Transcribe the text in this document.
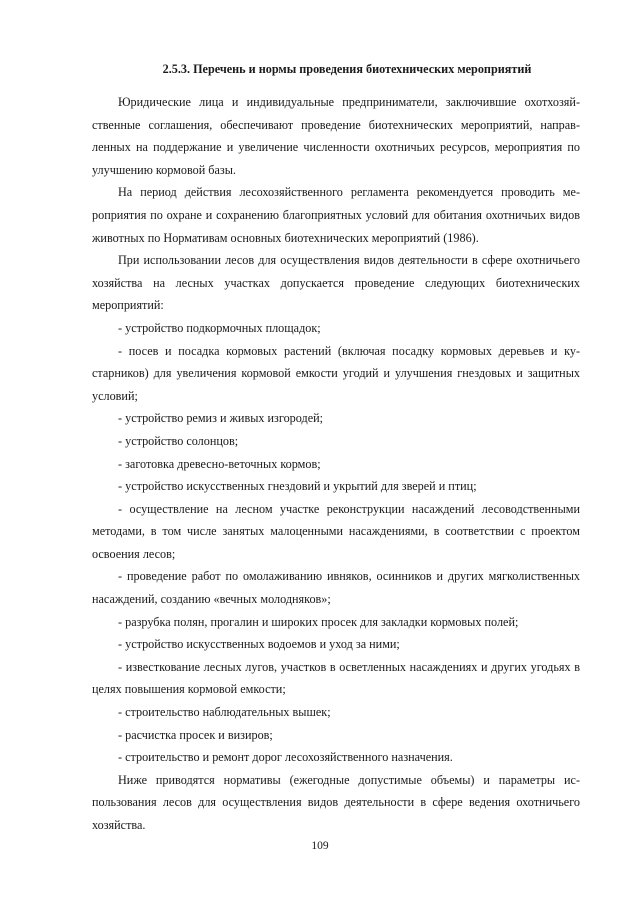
2.5.3. Перечень и нормы проведения биотехнических мероприятий

Юридические лица и индивидуальные предприниматели, заключившие охотхозяйственные соглашения, обеспечивают проведение биотехнических мероприятий, направленных на поддержание и увеличение численности охотничьих ресурсов, мероприятия по улучшению кормовой базы.

На период действия лесохозяйственного регламента рекомендуется проводить мероприятия по охране и сохранению благоприятных условий для обитания охотничьих видов животных по Нормативам основных биотехнических мероприятий (1986).

При использовании лесов для осуществления видов деятельности в сфере охотничьего хозяйства на лесных участках допускается проведение следующих биотехнических мероприятий:

- устройство подкормочных площадок;

- посев и посадка кормовых растений (включая посадку кормовых деревьев и кустарников) для увеличения кормовой емкости угодий и улучшения гнездовых и защитных условий;

- устройство ремиз и живых изгородей;

- устройство солонцов;

- заготовка древесно-веточных кормов;

- устройство искусственных гнездовий и укрытий для зверей и птиц;

- осуществление на лесном участке реконструкции насаждений лесоводственными методами, в том числе занятых малоценными насаждениями, в соответствии с проектом освоения лесов;

- проведение работ по омолаживанию ивняков, осинников и других мягколиственных насаждений, созданию «вечных молодняков»;

- разрубка полян, прогалин и широких просек для закладки кормовых полей;

- устройство искусственных водоемов и уход за ними;

- известкование лесных лугов, участков в осветленных насаждениях и других угодьях в целях повышения кормовой емкости;

- строительство наблюдательных вышек;

- расчистка просек и визиров;

- строительство и ремонт дорог лесохозяйственного назначения.

Ниже приводятся нормативы (ежегодные допустимые объемы) и параметры использования лесов для осуществления видов деятельности в сфере ведения охотничьего хозяйства.

109
